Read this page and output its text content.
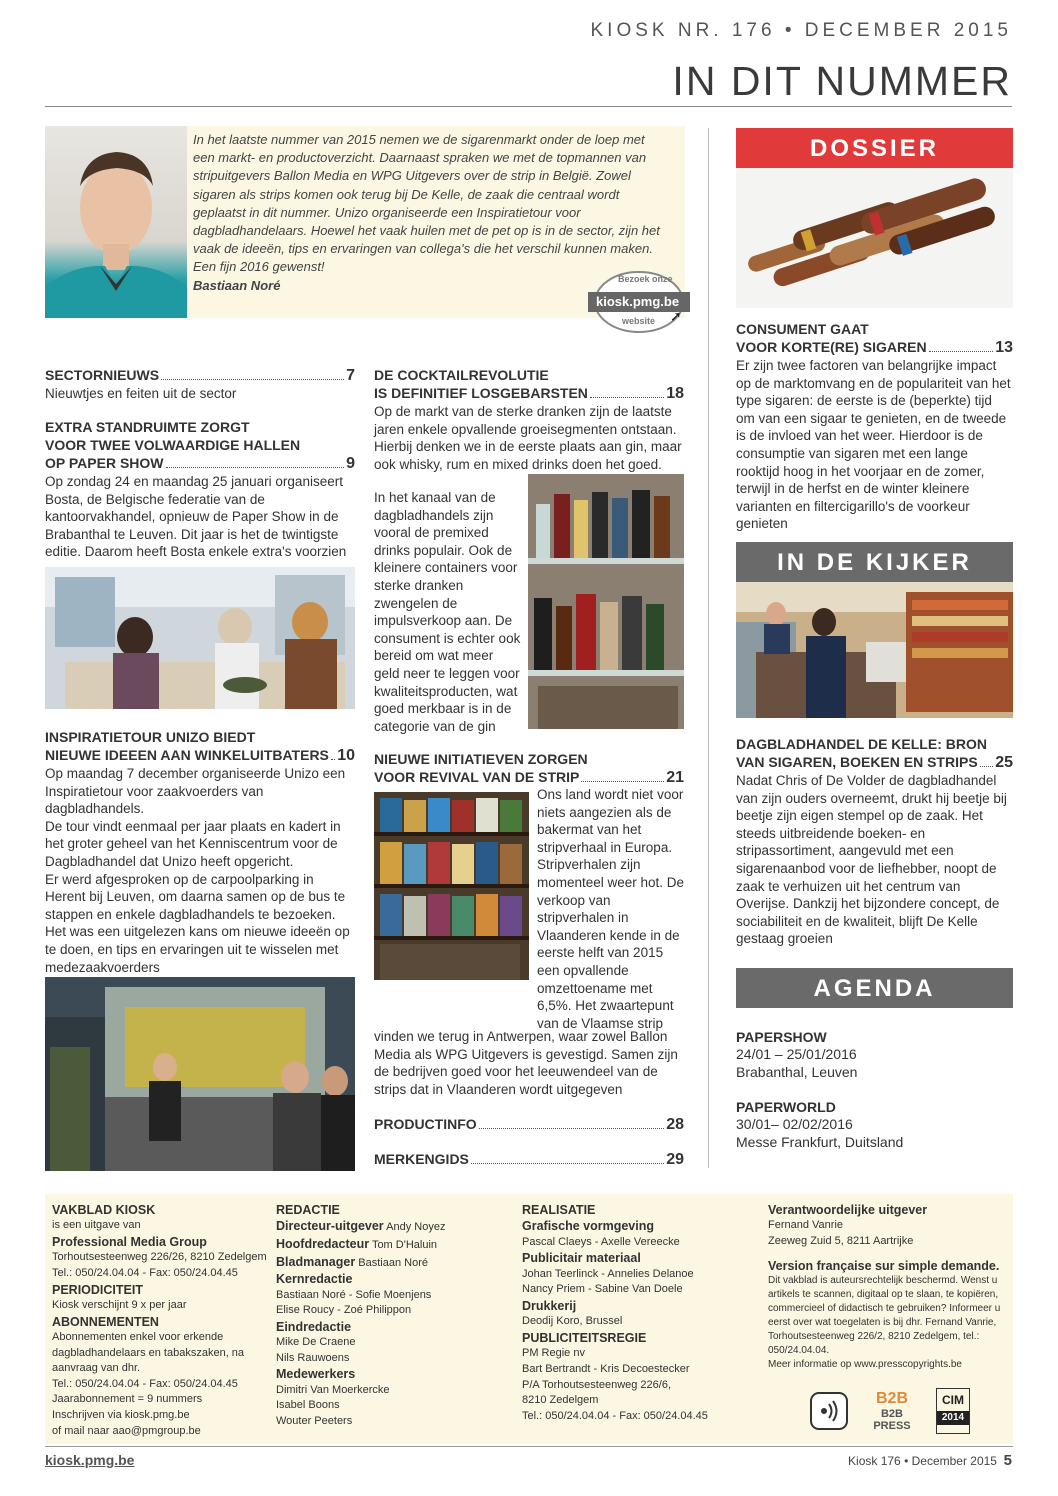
KIOSK NR. 176 • DECEMBER 2015
IN DIT NUMMER
In het laatste nummer van 2015 nemen we de sigarenmarkt onder de loep met een markt- en productoverzicht. Daarnaast spraken we met de topmannen van stripuitgevers Ballon Media en WPG Uitgevers over de strip in België. Zowel sigaren als strips komen ook terug bij De Kelle, de zaak die centraal wordt geplaatst in dit nummer. Unizo organiseerde een Inspiratietour voor dagbladhandelaars. Hoewel het vaak huilen met de pet op is in de sector, zijn het vaak de ideeën, tips en ervaringen van collega's die het verschil kunnen maken. Een fijn 2016 gewenst!
Bastiaan Noré	Bezoek onze
kiosk.pmg.be
website ➚
SECTORNIEUWS	7
Nieuwtjes en feiten uit de sector
EXTRA STANDRUIMTE ZORGT
VOOR TWEE VOLWAARDIGE HALLEN
OP PAPER SHOW	9
Op zondag 24 en maandag 25 januari organiseert Bosta, de Belgische federatie van de kantoorvakhandel, opnieuw de Paper Show in de Brabanthal te Leuven. Dit jaar is het de twintigste editie. Daarom heeft Bosta enkele extra's voorzien
INSPIRATIETOUR UNIZO BIEDT
NIEUWE IDEEEN AAN WINKELUITBATERS 10
Op maandag 7 december organiseerde Unizo een Inspiratietour voor zaakvoerders van dagbladhandels.
De tour vindt eenmaal per jaar plaats en kadert in het groter geheel van het Kenniscentrum voor de Dagbladhandel dat Unizo heeft opgericht.
Er werd afgesproken op de carpoolparking in Herent bij Leuven, om daarna samen op de bus te stappen en enkele dagbladhandels te bezoeken. Het was een uitgelezen kans om nieuwe ideeën op te doen, en tips en ervaringen uit te wisselen met medezaakvoerders
DE COCKTAILREVOLUTIE
IS DEFINITIEF LOSGEBARSTEN	18
Op de markt van de sterke dranken zijn de laatste jaren enkele opvallende groeisegmenten ontstaan. Hierbij denken we in de eerste plaats aan gin, maar ook whisky, rum en mixed drinks doen het goed.
In het kanaal van de dagbladhandels zijn vooral de premixed drinks populair. Ook de kleinere containers voor sterke dranken zwengelen de impulsverkoop aan. De consument is echter ook bereid om wat meer geld neer te leggen voor kwaliteitsproducten, wat goed merkbaar is in de categorie van de gin
NIEUWE INITIATIEVEN ZORGEN
VOOR REVIVAL VAN DE STRIP	21
Ons land wordt niet voor niets aangezien als de bakermat van het stripverhaal in Europa. Stripverhalen zijn momenteel weer hot. De verkoop van stripverhalen in Vlaanderen kende in de eerste helft van 2015 een opvallende omzettoename met 6,5%. Het zwaartepunt van de Vlaamse strip
vinden we terug in Antwerpen, waar zowel Ballon Media als WPG Uitgevers is gevestigd. Samen zijn de bedrijven goed voor het leeuwendeel van de strips dat in Vlaanderen wordt uitgegeven
PRODUCTINFO	28
MERKENGIDS	29
DOSSIER
CONSUMENT GAAT
VOOR KORTE(RE) SIGAREN	13
Er zijn twee factoren van belangrijke impact op de marktomvang en de populariteit van het type sigaren: de eerste is de (beperkte) tijd om van een sigaar te genieten, en de tweede is de invloed van het weer. Hierdoor is de consumptie van sigaren met een lange rooktijd hoog in het voorjaar en de zomer, terwijl in de herfst en de winter kleinere varianten en filtercigarillo's de voorkeur genieten
IN DE KIJKER
DAGBLADHANDEL DE KELLE: BRON
VAN SIGAREN, BOEKEN EN STRIPS 25
Nadat Chris of De Volder de dagbladhandel van zijn ouders overneemt, drukt hij beetje bij beetje zijn eigen stempel op de zaak. Het steeds uitbreidende boeken- en stripassortiment, aangevuld met een sigarenaanbod voor de liefhebber, noopt de zaak te verhuizen uit het centrum van Overijse. Dankzij het bijzondere concept, de sociabiliteit en de kwaliteit, blijft De Kelle gestaag groeien
AGENDA
PAPERSHOW
24/01 – 25/01/2016
Brabanthal, Leuven
PAPERWORLD
30/01– 02/02/2016
Messe Frankfurt, Duitsland
VAKBLAD KIOSK
is een uitgave van
Professional Media Group
Torhoutsesteenweg 226/26, 8210 Zedelgem
Tel.: 050/24.04.04 - Fax: 050/24.04.45
PERIODICITEIT
Kiosk verschijnt 9 x per jaar
ABONNEMENTEN
Abonnementen enkel voor erkende dagbladhandelaars en tabakszaken, na aanvraag van dhr.
Tel.: 050/24.04.04 - Fax: 050/24.04.45
Jaarabonnement = 9 nummers
Inschrijven via kiosk.pmg.be
of mail naar aao@pmgroup.be
REDACTIE
Directeur-uitgever Andy Noyez
Hoofdredacteur Tom D'Haluin
Bladmanager Bastiaan Noré
Kernredactie
Bastiaan Noré - Sofie Moenjens
Elise Roucy - Zoé Philippon
Eindredactie
Mike De Craene
Nils Rauwoens
Medewerkers
Dimitri Van Moerkercke
Isabel Boons
Wouter Peeters
REALISATIE
Grafische vormgeving
Pascal Claeys - Axelle Vereecke
Publicitair materiaal
Johan Teerlinck - Annelies Delanoe
Nancy Priem - Sabine Van Doele
Drukkerij
Deodij Koro, Brussel
PUBLICITEITSREGIE
PM Regie nv
Bart Bertrandt - Kris Decoestecker
P/A Torhoutsesteenweg 226/6,
8210 Zedelgem
Tel.: 050/24.04.04 - Fax: 050/24.04.45
Verantwoordelijke uitgever
Fernand Vanrie
Zeeweg Zuid 5, 8211 Aartrijke
Version française sur simple demande.
Dit vakblad is auteursrechtelijk beschermd. Wenst u artikels te scannen, digitaal op te slaan, te kopiëren, commercieel of didactisch te gebruiken? Informeer u eerst over wat toegelaten is bij dhr. Fernand Vanrie, Torhoutsesteenweg 226/2, 8210 Zedelgem, tel.: 050/24.04.04.
Meer informatie op www.presscopyrights.be
B2B
B2B PRESS
CIM
2014
kiosk.pmg.be	Kiosk 176 • December 2015 5
